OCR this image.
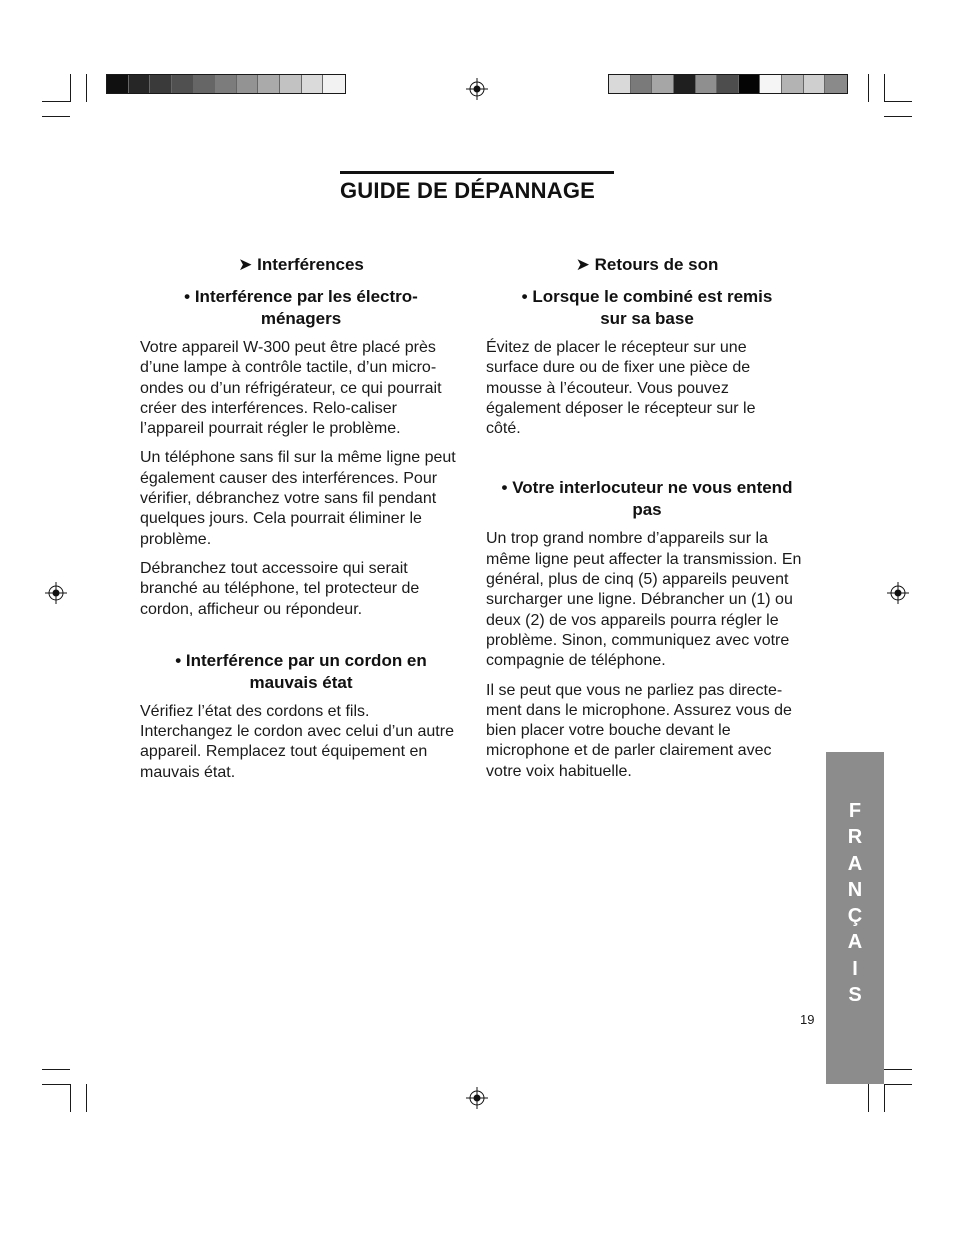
GUIDE DE DÉPANNAGE

➤ Interférences

• Interférence par les électro-ménagers

Votre appareil W-300 peut être placé près d’une lampe à contrôle tactile, d’un micro-ondes ou d’un réfrigérateur, ce qui pourrait créer des interférences. Relo-caliser l’appareil pourrait régler le problème.

Un téléphone sans fil sur la même ligne peut également causer des interférences. Pour vérifier, débranchez votre sans fil pendant quelques jours. Cela pourrait éliminer le problème.

Débranchez tout accessoire qui serait branché au téléphone, tel protecteur de cordon, afficheur ou répondeur.

• Interférence par un cordon en mauvais état

Vérifiez l’état des cordons et fils. Interchangez le cordon avec celui d’un autre appareil. Remplacez tout équipement en mauvais état.

➤ Retours de son

• Lorsque le combiné est remis sur sa base

Évitez de placer le récepteur sur une surface dure ou de fixer une pièce de mousse à l’écouteur. Vous pouvez également déposer le récepteur sur le côté.

• Votre interlocuteur ne vous entend pas

Un trop grand nombre d’appareils sur la même ligne peut affecter la transmission. En général, plus de cinq (5) appareils peuvent surcharger une ligne. Débrancher un (1) ou deux (2) de vos appareils pourra régler le problème. Sinon, communiquez avec votre compagnie de téléphone.

Il se peut que vous ne parliez pas directe-ment dans le microphone. Assurez vous de bien placer votre bouche devant le microphone et de parler clairement avec votre voix habituelle.

F
R
A
N
Ç
A
I
S
19
